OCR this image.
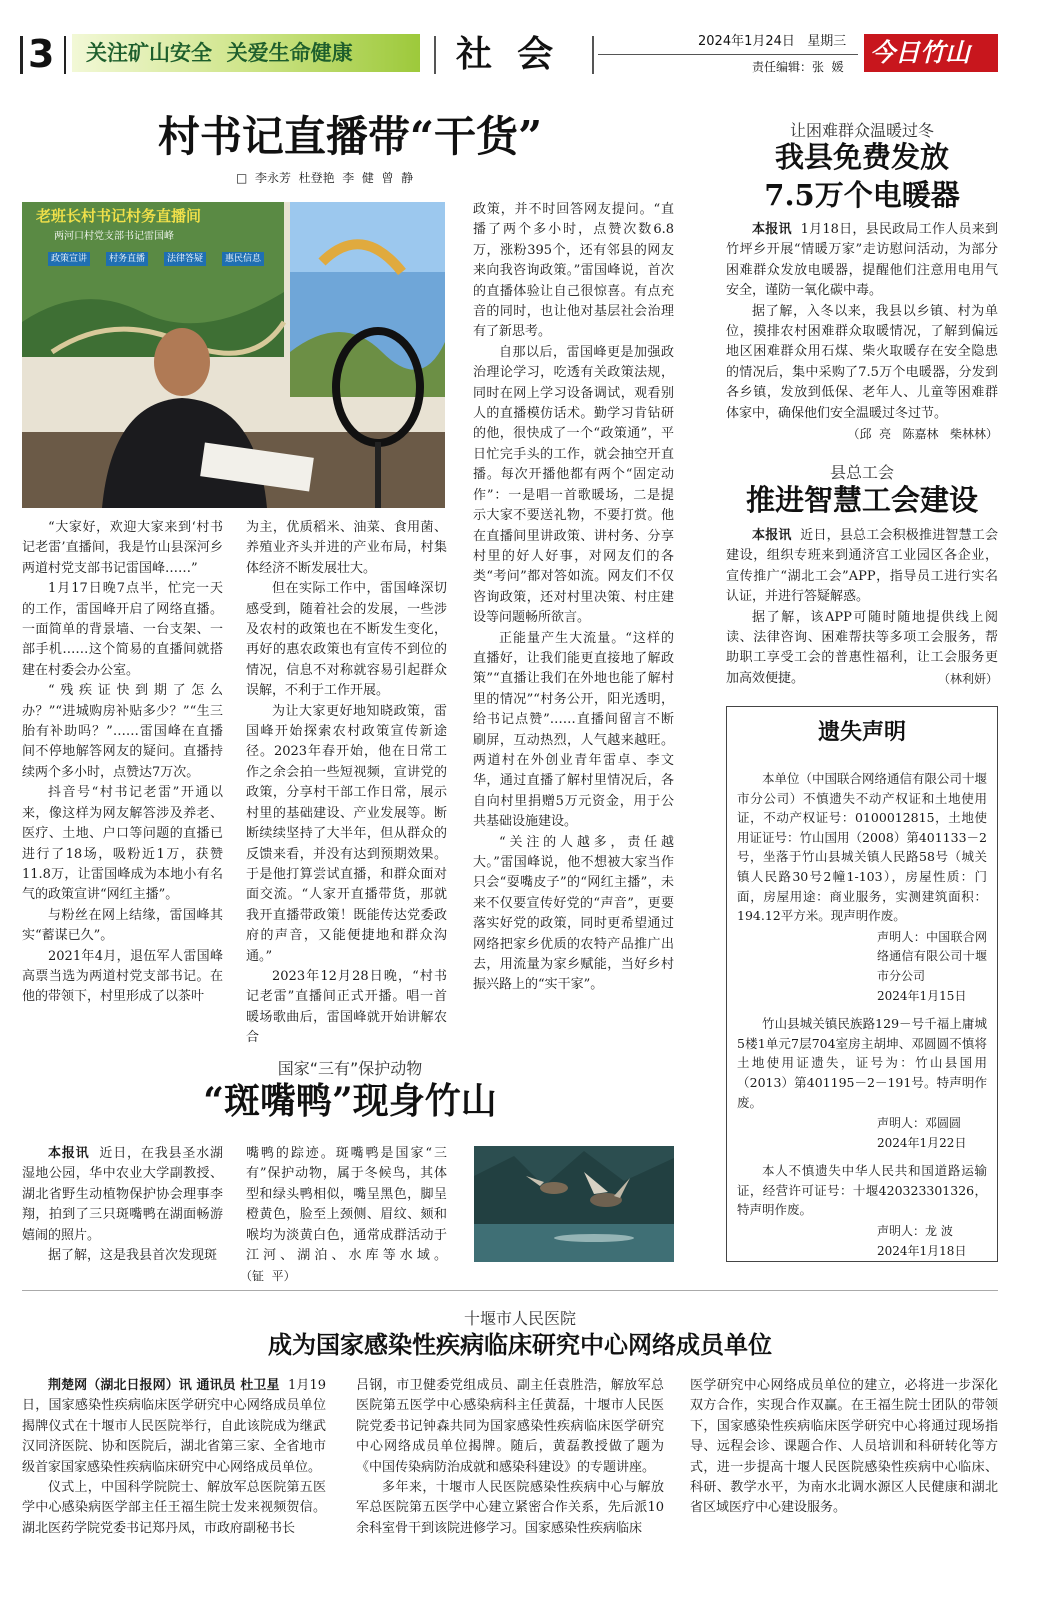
3 关注矿山安全  关爱生命健康	社  会	2024年1月24日   星期三
责任编辑：张  媛 今日竹山
村书记直播带“干货”
□  李永芳  杜登艳  李  健  曾  静
老班长村书记村务直播间
两河口村党支部书记雷国峰
政策宣讲	村务直播	法律答疑	惠民信息

“大家好，欢迎大家来到‘村书记老雷’直播间，我是竹山县深河乡两道村党支部书记雷国峰……”

1月17日晚7点半，忙完一天的工作，雷国峰开启了网络直播。一面简单的背景墙、一台支架、一部手机……这个简易的直播间就搭建在村委会办公室。

“残疾证快到期了怎么办？”“进城购房补贴多少？”“生三胎有补助吗？”……雷国峰在直播间不停地解答网友的疑问。直播持续两个多小时，点赞达7万次。

抖音号“村书记老雷”开通以来，像这样为网友解答涉及养老、医疗、土地、户口等问题的直播已进行了18场，吸粉近1万，获赞11.8万，让雷国峰成为本地小有名气的政策宣讲“网红主播”。

与粉丝在网上结缘，雷国峰其实“蓄谋已久”。

2021年4月，退伍军人雷国峰高票当选为两道村党支部书记。在他的带领下，村里形成了以茶叶

为主，优质稻米、油菜、食用菌、养殖业齐头并进的产业布局，村集体经济不断发展壮大。

但在实际工作中，雷国峰深切感受到，随着社会的发展，一些涉及农村的政策也在不断发生变化，再好的惠农政策也有宣传不到位的情况，信息不对称就容易引起群众误解，不利于工作开展。

为让大家更好地知晓政策，雷国峰开始探索农村政策宣传新途径。2023年春开始，他在日常工作之余会拍一些短视频，宣讲党的政策，分享村干部工作日常，展示村里的基础建设、产业发展等。断断续续坚持了大半年，但从群众的反馈来看，并没有达到预期效果。于是他打算尝试直播，和群众面对面交流。“人家开直播带货，那就我开直播带政策！既能传达党委政府的声音，又能便捷地和群众沟通。”

2023年12月28日晚，“村书记老雷”直播间正式开播。唱一首暖场歌曲后，雷国峰就开始讲解农合

政策，并不时回答网友提问。“直播了两个多小时，点赞次数6.8万，涨粉395个，还有邻县的网友来向我咨询政策。”雷国峰说，首次的直播体验让自己很惊喜。有点充音的同时，也让他对基层社会治理有了新思考。

自那以后，雷国峰更是加强政治理论学习，吃透有关政策法规，同时在网上学习设备调试，观看别人的直播模仿话术。勤学习肯钻研的他，很快成了一个“政策通”，平日忙完手头的工作，就会抽空开直播。每次开播他都有两个“固定动作”：一是唱一首歌暖场，二是提示大家不要送礼物，不要打赏。他在直播间里讲政策、讲村务、分享村里的好人好事，对网友们的各类“考问”都对答如流。网友们不仅咨询政策，还对村里决策、村庄建设等问题畅所欲言。

正能量产生大流量。“这样的直播好，让我们能更直接地了解政策”“直播让我们在外地也能了解村里的情况”“村务公开，阳光透明，给书记点赞”……直播间留言不断刷屏，互动热烈，人气越来越旺。两道村在外创业青年雷卓、李文华，通过直播了解村里情况后，各自向村里捐赠5万元资金，用于公共基础设施建设。

“关注的人越多，责任越大。”雷国峰说，他不想被大家当作只会“耍嘴皮子”的“网红主播”，未来不仅要宣传好党的“声音”，更要落实好党的政策，同时更希望通过网络把家乡优质的农特产品推广出去，用流量为家乡赋能，当好乡村振兴路上的“实干家”。

让困难群众温暖过冬
我县免费发放
7.5万个电暖器

本报讯 1月18日，县民政局工作人员来到竹坪乡开展“情暖万家”走访慰问活动，为部分困难群众发放电暖器，提醒他们注意用电用气安全，谨防一氧化碳中毒。

据了解，入冬以来，我县以乡镇、村为单位，摸排农村困难群众取暖情况，了解到偏远地区困难群众用石煤、柴火取暖存在安全隐患的情况后，集中采购了7.5万个电暖器，分发到各乡镇，发放到低保、老年人、儿童等困难群体家中，确保他们安全温暖过冬过节。

（邱  亮   陈嘉林   柴林林）
县总工会
推进智慧工会建设

本报讯 近日，县总工会积极推进智慧工会建设，组织专班来到通济宫工业园区各企业，宣传推广“湖北工会”APP，指导员工进行实名认证，并进行答疑解惑。

据了解，该APP可随时随地提供线上阅读、法律咨询、困难帮扶等多项工会服务，帮助职工享受工会的普惠性福利，让工会服务更加高效便捷。	（林利妍）

遗失声明

本单位（中国联合网络通信有限公司十堰市分公司）不慎遗失不动产权证和土地使用证，不动产权证号：0100012815，土地使用证证号：竹山国用（2008）第401133－2号，坐落于竹山县城关镇人民路58号（城关镇人民路30号2幢1-103），房屋性质：门面，房屋用途：商业服务，实测建筑面积：194.12平方米。现声明作废。

声明人：中国联合网络通信有限公司十堰市分公司

2024年1月15日

竹山县城关镇民族路129－号千福上庸城5楼1单元7层704室房主胡坤、邓圆圆不慎将土地使用证遗失，证号为：竹山县国用（2013）第401195－2－191号。特声明作废。

声明人：邓圆圆

2024年1月22日

本人不慎遗失中华人民共和国道路运输证，经营许可证号：十堰420323301326，特声明作废。

声明人：龙 波

2024年1月18日

国家“三有”保护动物
“斑嘴鸭”现身竹山

本报讯 近日，在我县圣水湖湿地公园，华中农业大学副教授、湖北省野生动植物保护协会理事李翔，拍到了三只斑嘴鸭在湖面畅游嬉闹的照片。

据了解，这是我县首次发现斑

嘴鸭的踪迹。斑嘴鸭是国家“三有”保护动物，属于冬候鸟，其体型和绿头鸭相似，嘴呈黑色，脚呈橙黄色，脸至上颈侧、眉纹、颏和喉均为淡黄白色，通常成群活动于江河、湖泊、水库等水域。（钲  平）

十堰市人民医院
成为国家感染性疾病临床研究中心网络成员单位

荆楚网（湖北日报网）讯 通讯员 杜卫星 1月19日，国家感染性疾病临床医学研究中心网络成员单位揭牌仪式在十堰市人民医院举行，自此该院成为继武汉同济医院、协和医院后，湖北省第三家、全省地市级首家国家感染性疾病临床研究中心网络成员单位。

仪式上，中国科学院院士、解放军总医院第五医学中心感染病医学部主任王福生院士发来视频贺信。湖北医药学院党委书记郑丹凤，市政府副秘书长

吕钢，市卫健委党组成员、副主任袁胜浩，解放军总医院第五医学中心感染病科主任黄磊，十堰市人民医院党委书记钟森共同为国家感染性疾病临床医学研究中心网络成员单位揭牌。随后，黄磊教授做了题为《中国传染病防治成就和感染科建设》的专题讲座。

多年来，十堰市人民医院感染性疾病中心与解放军总医院第五医学中心建立紧密合作关系，先后派10余科室骨干到该院进修学习。国家感染性疾病临床

医学研究中心网络成员单位的建立，必将进一步深化双方合作，实现合作双赢。在王福生院士团队的带领下，国家感染性疾病临床医学研究中心将通过现场指导、远程会诊、课题合作、人员培训和科研转化等方式，进一步提高十堰人民医院感染性疾病中心临床、科研、教学水平，为南水北调水源区人民健康和湖北省区域医疗中心建设服务。
